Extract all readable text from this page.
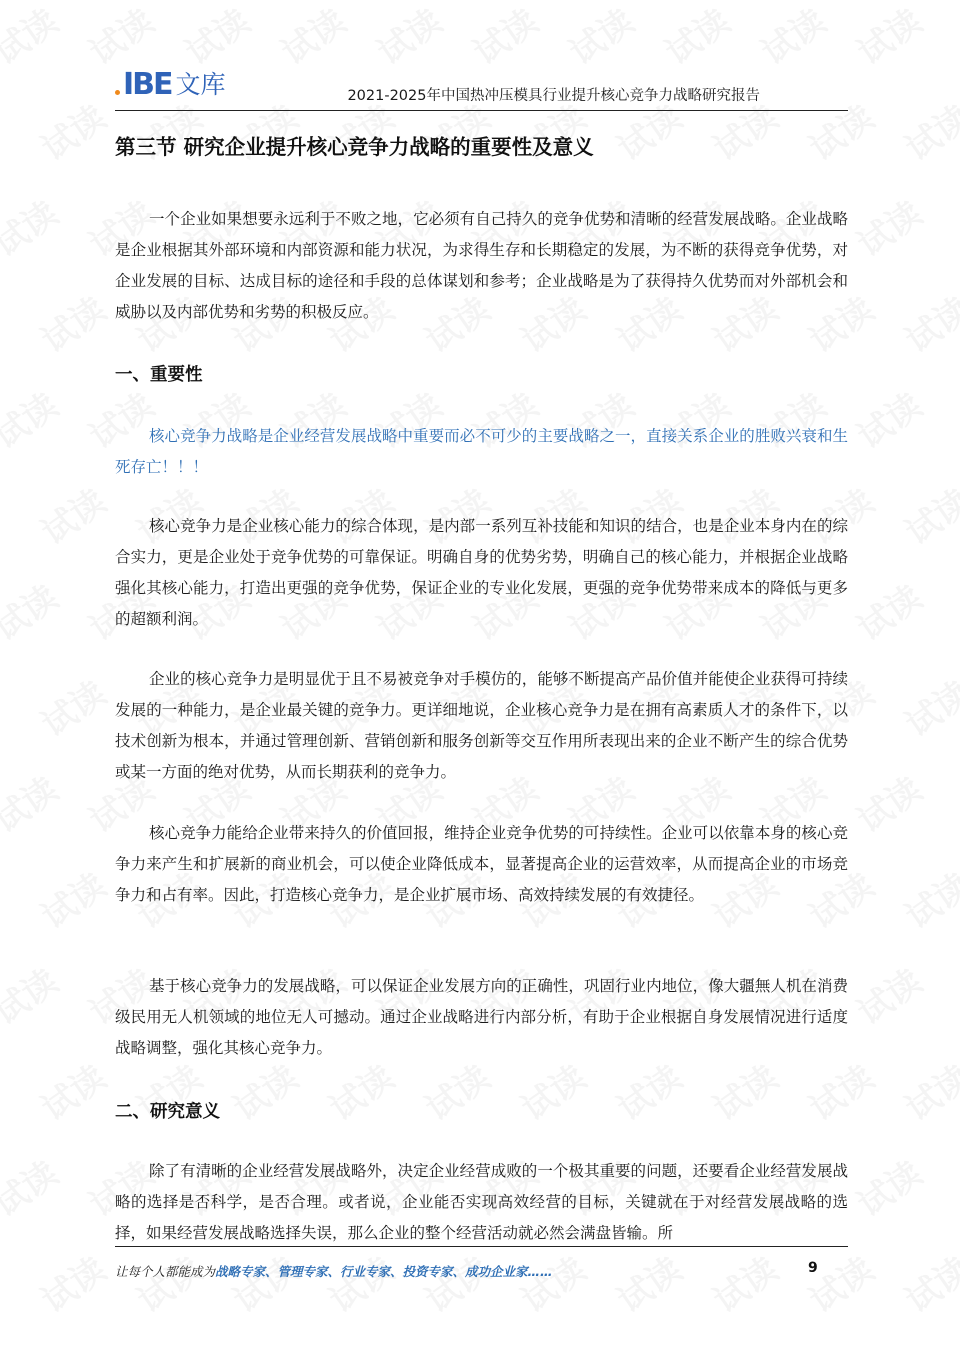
IBE 文库	2021-2025年中国热冲压模具行业提升核心竞争力战略研究报告
第三节 研究企业提升核心竞争力战略的重要性及意义

一个企业如果想要永远利于不败之地，它必须有自己持久的竞争优势和清晰的经营发展战略。企业战略是企业根据其外部环境和内部资源和能力状况，为求得生存和长期稳定的发展，为不断的获得竞争优势，对企业发展的目标、达成目标的途径和手段的总体谋划和参考；企业战略是为了获得持久优势而对外部机会和威胁以及内部优势和劣势的积极反应。

一、重要性

核心竞争力战略是企业经营发展战略中重要而必不可少的主要战略之一，直接关系企业的胜败兴衰和生死存亡！！！

核心竞争力是企业核心能力的综合体现，是内部一系列互补技能和知识的结合，也是企业本身内在的综合实力，更是企业处于竞争优势的可靠保证。明确自身的优势劣势，明确自己的核心能力，并根据企业战略强化其核心能力，打造出更强的竞争优势，保证企业的专业化发展，更强的竞争优势带来成本的降低与更多的超额利润。

企业的核心竞争力是明显优于且不易被竞争对手模仿的，能够不断提高产品价值并能使企业获得可持续发展的一种能力，是企业最关键的竞争力。更详细地说，企业核心竞争力是在拥有高素质人才的条件下，以技术创新为根本，并通过管理创新、营销创新和服务创新等交互作用所表现出来的企业不断产生的综合优势或某一方面的绝对优势，从而长期获利的竞争力。

核心竞争力能给企业带来持久的价值回报，维持企业竞争优势的可持续性。企业可以依靠本身的核心竞争力来产生和扩展新的商业机会，可以使企业降低成本，显著提高企业的运营效率，从而提高企业的市场竞争力和占有率。因此，打造核心竞争力，是企业扩展市场、高效持续发展的有效捷径。

基于核心竞争力的发展战略，可以保证企业发展方向的正确性，巩固行业内地位，像大疆無人机在消费级民用无人机领域的地位无人可撼动。通过企业战略进行内部分析，有助于企业根据自身发展情况进行适度战略调整，强化其核心竞争力。

二、研究意义

除了有清晰的企业经营发展战略外，决定企业经营成败的一个极其重要的问题，还要看企业经营发展战略的选择是否科学，是否合理。或者说，企业能否实现高效经营的目标，关键就在于对经营发展战略的选择，如果经营发展战略选择失误，那么企业的整个经营活动就必然会满盘皆输。所

让每个人都能成为战略专家、管理专家、行业专家、投资专家、成功企业家……	9
